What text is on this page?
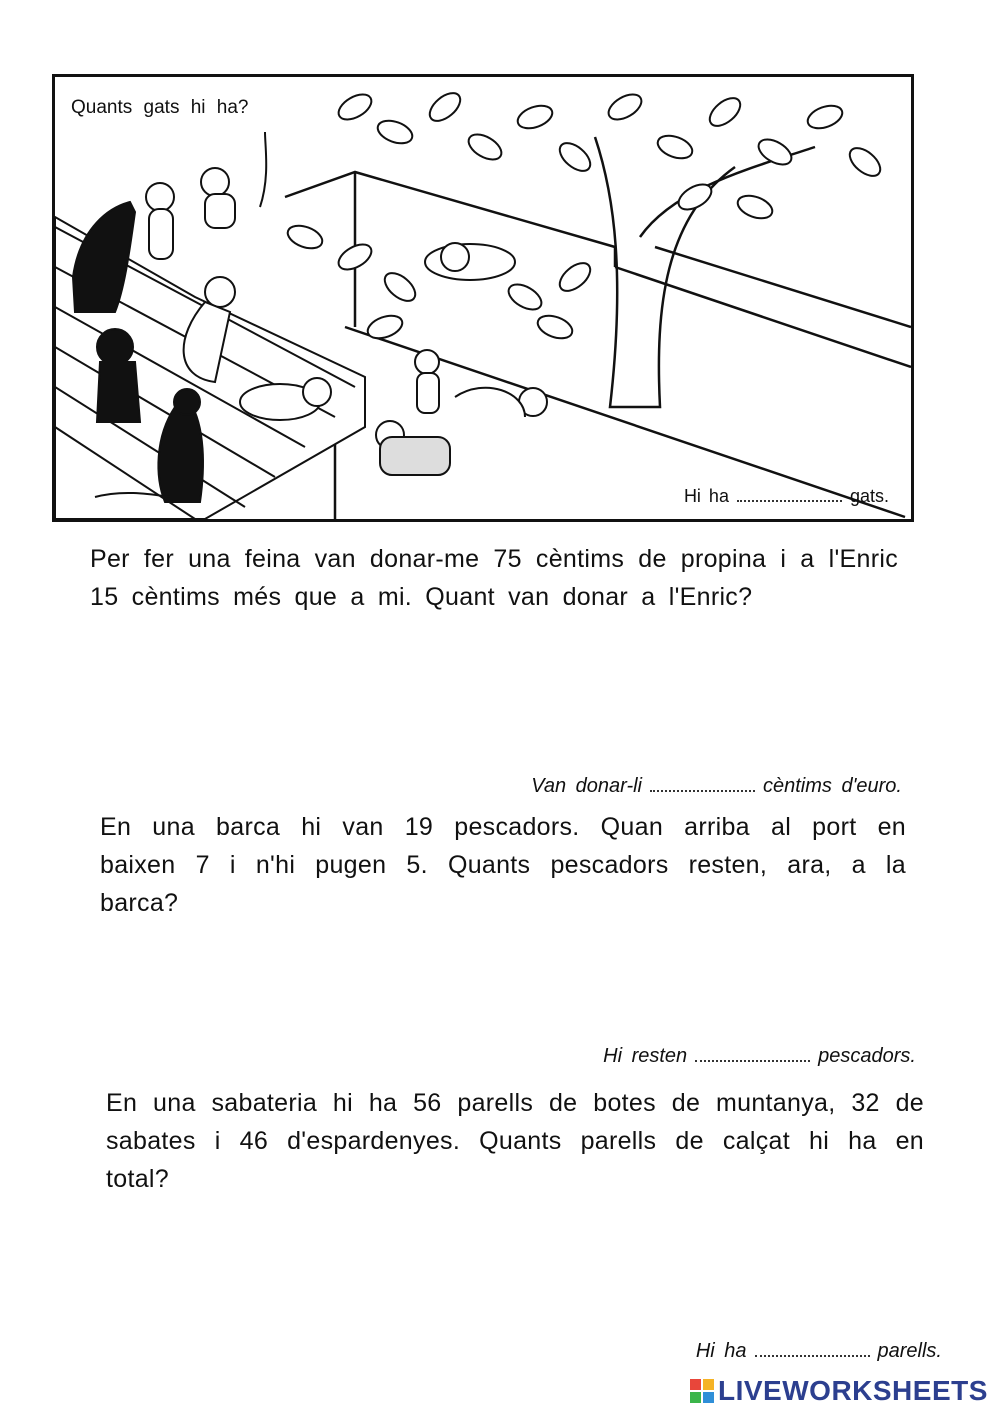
Quants gats hi ha?
Hi ha	gats.

Per fer una feina van donar-me 75 cèntims de propina i a l'Enric 15 cèntims més que a mi. Quant van donar a l'Enric?

Van donar-li	cèntims d'euro.

En una barca hi van 19 pescadors. Quan arriba al port en baixen 7 i n'hi pugen 5. Quants pescadors resten, ara, a la barca?

Hi resten	pescadors.

En una sabateria hi ha 56 parells de botes de muntanya, 32 de sabates i 46 d'espardenyes. Quants parells de calçat hi ha en total?

Hi ha	parells.
LIVEWORKSHEETS
